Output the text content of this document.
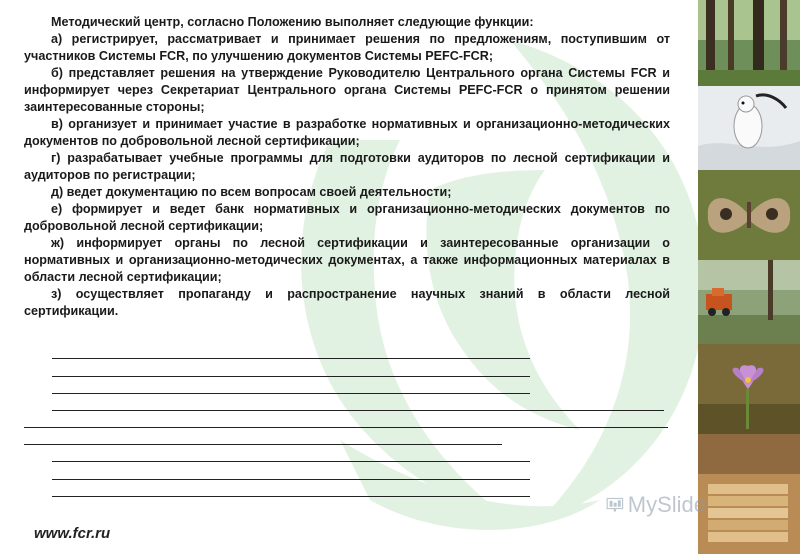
Методический центр, согласно Положению выполняет следующие функции:

а) регистрирует, рассматривает и принимает решения по предложениям, поступившим от участников Системы FCR, по улучшению документов Системы PEFC-FCR;

б) представляет решения на утверждение Руководителю Центрального органа Системы FCR и информирует через Секретариат Центрального органа Системы PEFC-FCR о принятом решении заинтересованные стороны;

в) организует и принимает участие в разработке нормативных и организационно-методических документов по добровольной лесной сертификации;

г) разрабатывает учебные программы для подготовки аудиторов по лесной сертификации и аудиторов по регистрации;

д) ведет документацию по всем вопросам своей деятельности;

е) формирует и ведет банк нормативных и организационно-методических документов по добровольной лесной сертификации;

ж) информирует органы по лесной сертификации и заинтересованные организации о нормативных и организационно-методических документах, а также информационных материалах в области лесной сертификации;

з) осуществляет пропаганду и распространение научных знаний в области лесной сертификации.

www.fcr.ru
MySlide
